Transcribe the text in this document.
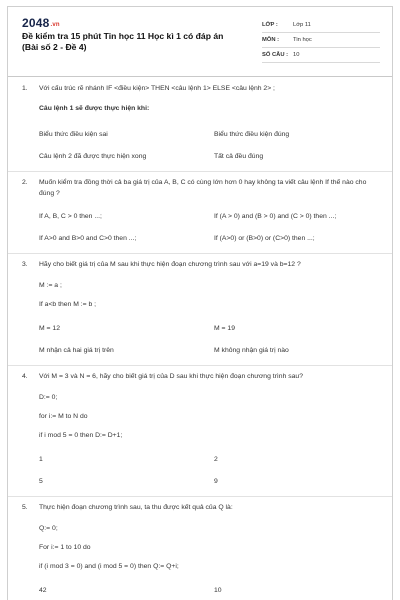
2048.vn
Đề kiểm tra 15 phút Tin học 11 Học kì 1 có đáp án (Bài số 2 - Đề 4)
LỚP :	Lớp 11
MÔN :	Tin học
SỐ CÂU : 10
1. Với cấu trúc rẽ nhánh IF <điều kiện> THEN <câu lệnh 1> ELSE <câu lệnh 2> ;
Câu lệnh 1 sẽ được thực hiện khi:
Biểu thức điều kiện sai	Biểu thức điều kiện đúng
Câu lệnh 2 đã được thực hiện xong	Tất cả đều đúng
2. Muốn kiểm tra đồng thời cả ba giá trị của A, B, C có cùng lớn hơn 0 hay không ta viết câu lệnh If thế nào cho đúng ?
If A, B, C > 0 then ...;	If (A > 0) and (B > 0) and (C > 0) then ...;
If A>0 and B>0 and C>0 then ...;	If (A>0) or (B>0) or (C>0) then ...;
3. Hãy cho biết giá trị của M sau khi thực hiện đoạn chương trình sau với a=19 và b=12 ?
M := a ;
If a<b then M := b ;
M = 12	M = 19
M nhận cả hai giá trị trên	M không nhận giá trị nào
4. Với M = 3 và N = 6, hãy cho biết giá trị của D sau khi thực hiện đoạn chương trình sau?
D:= 0;
for i:= M to N do
if i mod 5 = 0 then D:= D+1;
1	2
5	9
5. Thực hiện đoạn chương trình sau, ta thu được kết quả của Q là:
Q:= 0;
For i:= 1 to 10 do
if (i mod 3 = 0) and (i mod 5 = 0) then Q:= Q+i;
42	10
